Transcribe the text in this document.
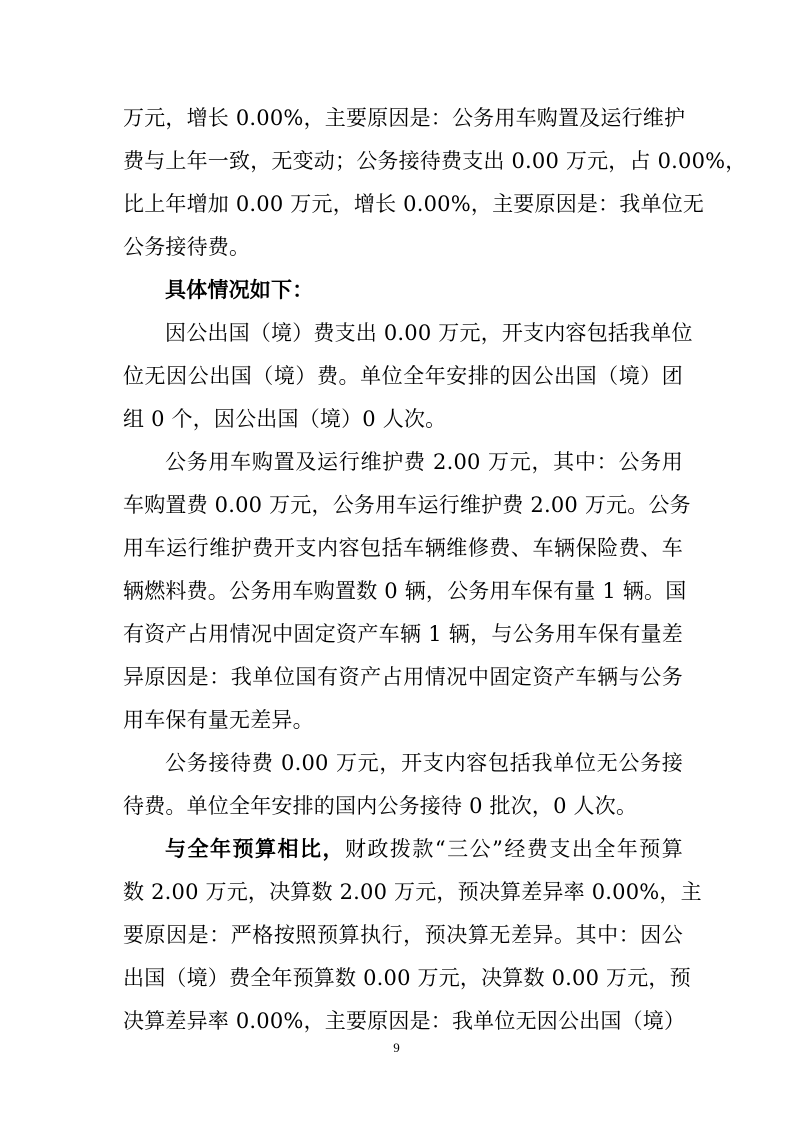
万元，增长 0.00%，主要原因是：公务用车购置及运行维护
费与上年一致，无变动；公务接待费支出 0.00 万元，占 0.00%，
比上年增加 0.00 万元，增长 0.00%，主要原因是：我单位无
公务接待费。
具体情况如下：
因公出国（境）费支出 0.00 万元，开支内容包括我单位
位无因公出国（境）费。单位全年安排的因公出国（境）团
组 0 个，因公出国（境）0 人次。
公务用车购置及运行维护费 2.00 万元，其中：公务用
车购置费 0.00 万元，公务用车运行维护费 2.00 万元。公务
用车运行维护费开支内容包括车辆维修费、车辆保险费、车
辆燃料费。公务用车购置数 0 辆，公务用车保有量 1 辆。国
有资产占用情况中固定资产车辆 1 辆，与公务用车保有量差
异原因是：我单位国有资产占用情况中固定资产车辆与公务
用车保有量无差异。
公务接待费 0.00 万元，开支内容包括我单位无公务接
待费。单位全年安排的国内公务接待 0 批次，0 人次。
与全年预算相比，财政拨款“三公”经费支出全年预算
数 2.00 万元，决算数 2.00 万元，预决算差异率 0.00%，主
要原因是：严格按照预算执行，预决算无差异。其中：因公
出国（境）费全年预算数 0.00 万元，决算数 0.00 万元，预
决算差异率 0.00%，主要原因是：我单位无因公出国（境）
9
